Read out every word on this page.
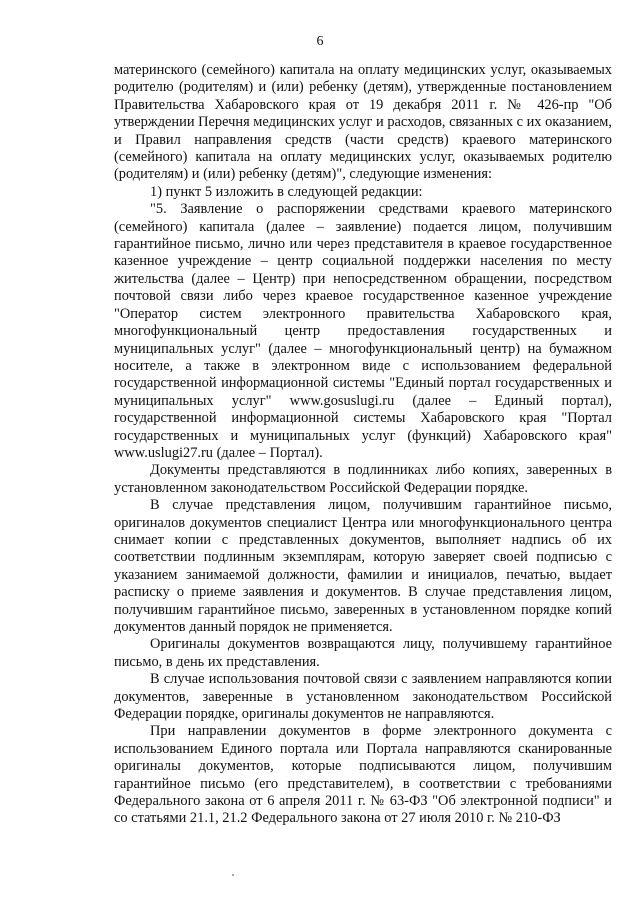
6

материнского (семейного) капитала на оплату медицинских услуг, оказываемых родителю (родителям) и (или) ребенку (детям), утвержденные постановлением Правительства Хабаровского края от 19 декабря 2011 г. № 426-пр "Об утверждении Перечня медицинских услуг и расходов, связанных с их оказанием, и Правил направления средств (части средств) краевого материнского (семейного) капитала на оплату медицинских услуг, оказываемых родителю (родителям) и (или) ребенку (детям)", следующие изменения:

1) пункт 5 изложить в следующей редакции:

"5. Заявление о распоряжении средствами краевого материнского (семейного) капитала (далее – заявление) подается лицом, получившим гарантийное письмо, лично или через представителя в краевое государственное казенное учреждение – центр социальной поддержки населения по месту жительства (далее – Центр) при непосредственном обращении, посредством почтовой связи либо через краевое государственное казенное учреждение "Оператор систем электронного правительства Хабаровского края, многофункциональный центр предоставления государственных и муниципальных услуг" (далее – многофункциональный центр) на бумажном носителе, а также в электронном виде с использованием федеральной государственной информационной системы "Единый портал государственных и муниципальных услуг" www.gosuslugi.ru (далее – Единый портал), государственной информационной системы Хабаровского края "Портал государственных и муниципальных услуг (функций) Хабаровского края" www.uslugi27.ru (далее – Портал).

Документы представляются в подлинниках либо копиях, заверенных в установленном законодательством Российской Федерации порядке.

В случае представления лицом, получившим гарантийное письмо, оригиналов документов специалист Центра или многофункционального центра снимает копии с представленных документов, выполняет надпись об их соответствии подлинным экземплярам, которую заверяет своей подписью с указанием занимаемой должности, фамилии и инициалов, печатью, выдает расписку о приеме заявления и документов. В случае представления лицом, получившим гарантийное письмо, заверенных в установленном порядке копий документов данный порядок не применяется.

Оригиналы документов возвращаются лицу, получившему гарантийное письмо, в день их представления.

В случае использования почтовой связи с заявлением направляются копии документов, заверенные в установленном законодательством Российской Федерации порядке, оригиналы документов не направляются.

При направлении документов в форме электронного документа с использованием Единого портала или Портала направляются сканированные оригиналы документов, которые подписываются лицом, получившим гарантийное письмо (его представителем), в соответствии с требованиями Федерального закона от 6 апреля 2011 г. № 63-ФЗ "Об электронной подписи" и со статьями 21.1, 21.2 Федерального закона от 27 июля 2010 г. № 210-ФЗ
